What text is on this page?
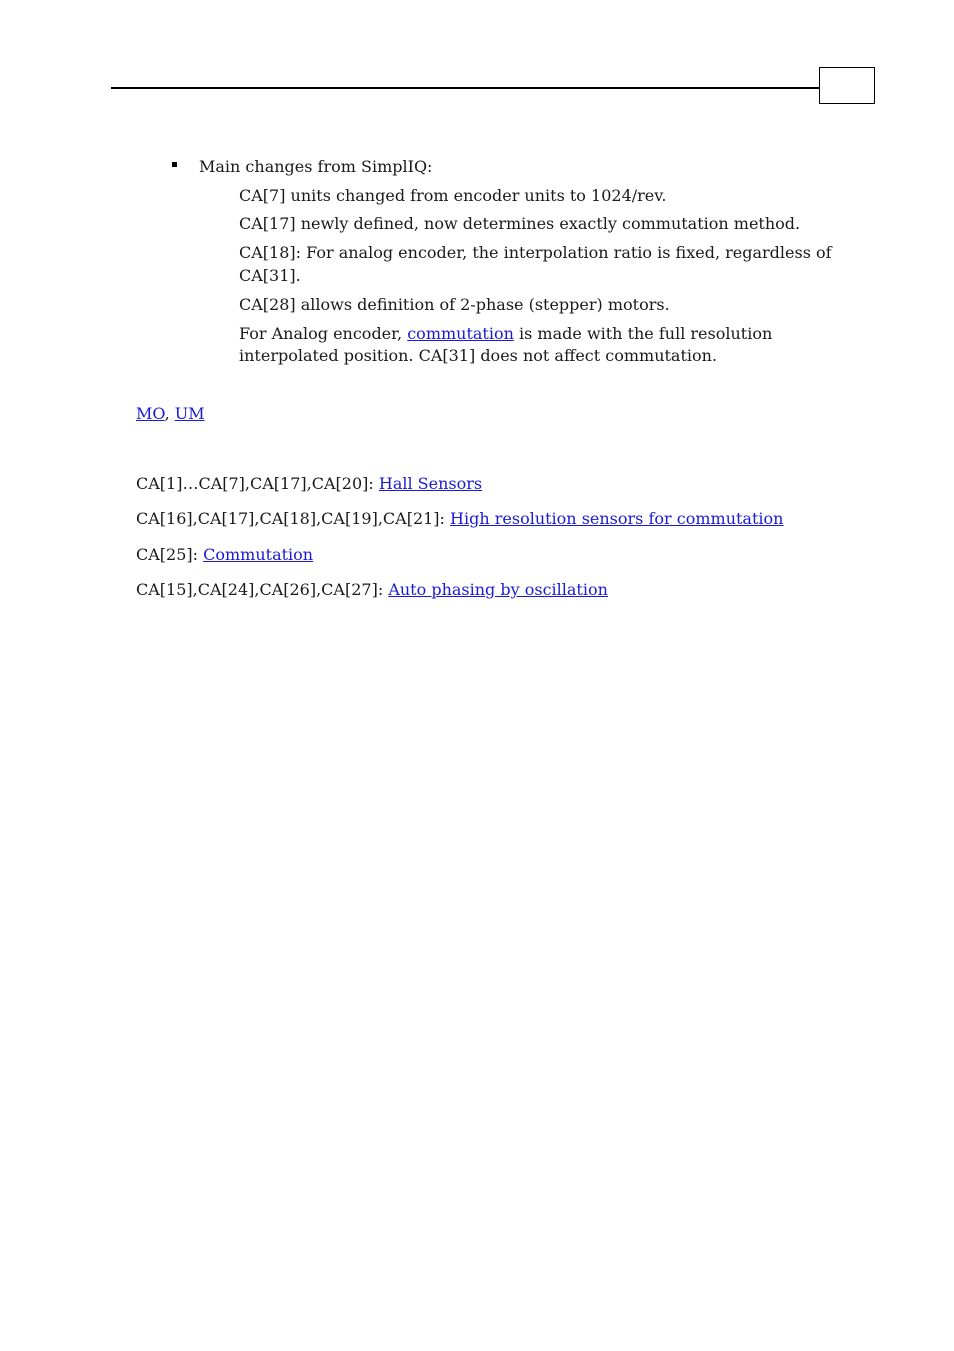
Main changes from SimplIQ:
CA[7] units changed from encoder units to 1024/rev.
CA[17] newly defined, now determines exactly commutation method.
CA[18]: For analog encoder, the interpolation ratio is fixed, regardless of
CA[31].
CA[28] allows definition of 2-phase (stepper) motors.
For Analog encoder, commutation is made with the full resolution
interpolated position. CA[31] does not affect commutation.
MO, UM
CA[1]…CA[7],CA[17],CA[20]: Hall Sensors
CA[16],CA[17],CA[18],CA[19],CA[21]: High resolution sensors for commutation
CA[25]: Commutation
CA[15],CA[24],CA[26],CA[27]: Auto phasing by oscillation
